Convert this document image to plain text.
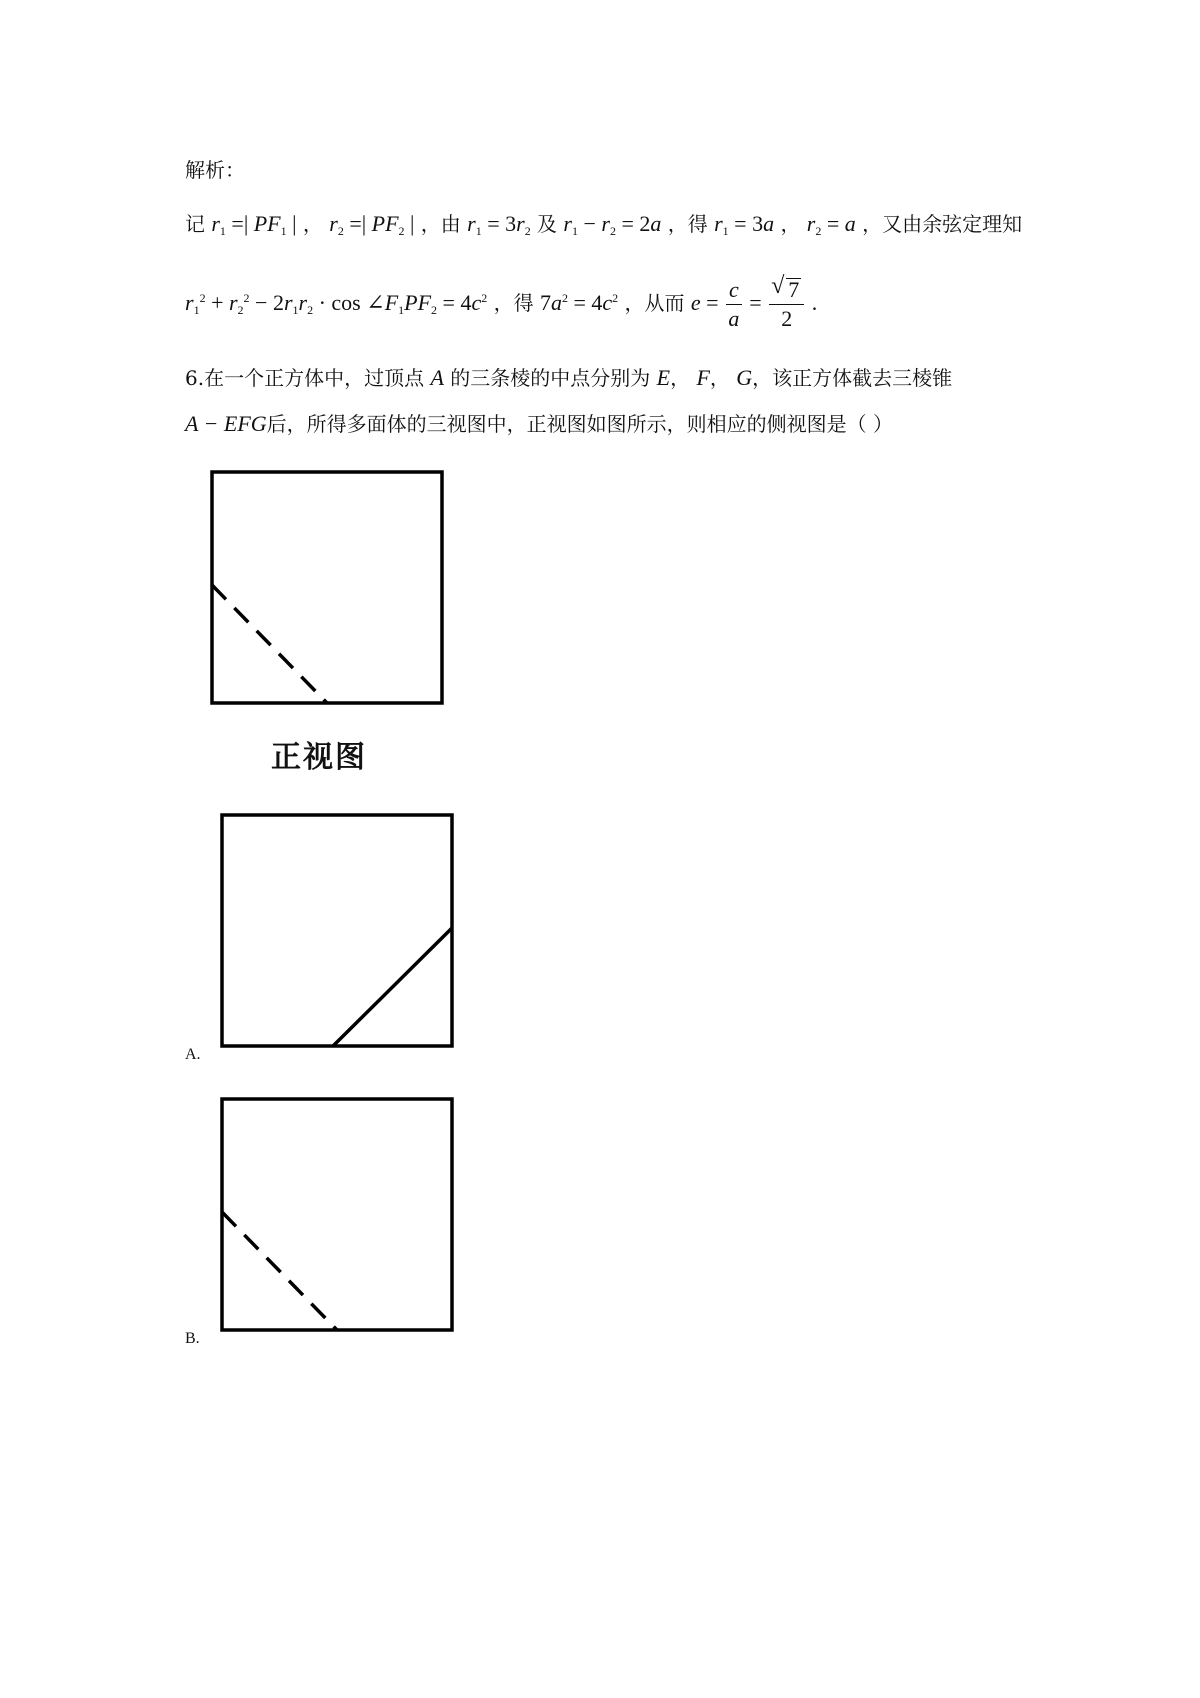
解析：
记 $r_1$ =| $PF_1$ | ， $r_2$ =| $PF_2$ | ，由 $r_1 = 3r_2$ 及 $r_1 - r_2 = 2a$ ，得 $r_1 = 3a$ ， $r_2 = a$ ，又由余弦定理知
$r_1^2 + r_2^2 - 2r_1r_2 \cdot \cos$ $\angle F_1PF_2 = 4c^2$ ，得 $7a^2 = 4c^2$ ，从而 $e = \frac{c}{a}$ =
√ $\frac{7}{2}$ .
6.在一个正方体中，过顶点 A 的三条棱的中点分别为 E， F， G，该正方体截去三棱锥
A − EFG后，所得多面体的三视图中，正视图如图所示，则相应的侧视图是（ ）
正视图
A.
B.
